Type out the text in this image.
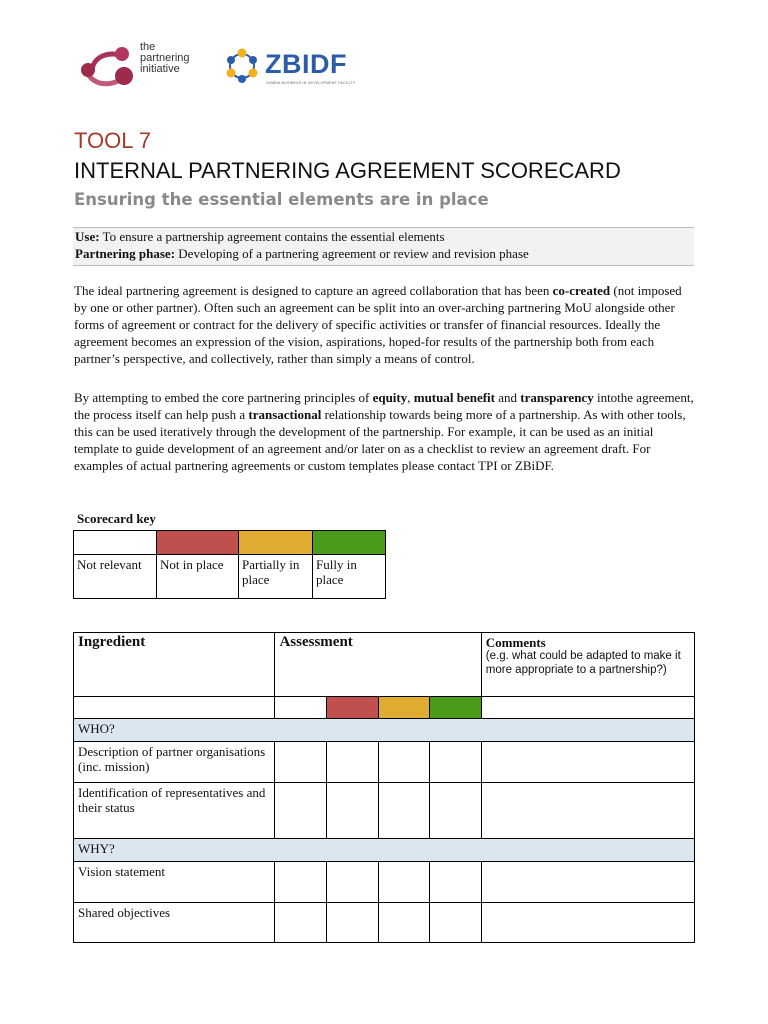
the
partnering
initiative	ZBIDF
ZAMBIA BUSINESS IN DEVELOPMENT FACILITY
TOOL 7
INTERNAL PARTNERING AGREEMENT SCORECARD
Ensuring the essential elements are in place
Use: To ensure a partnership agreement contains the essential elements
Partnering phase: Developing of a partnering agreement or review and revision phase
The ideal partnering agreement is designed to capture an agreed collaboration that has been co-created (not imposed by one or other partner). Often such an agreement can be split into an over-arching partnering MoU alongside other forms of agreement or contract for the delivery of specific activities or transfer of financial resources. Ideally the agreement becomes an expression of the vision, aspirations, hoped-for results of the partnership both from each partner’s perspective, and collectively, rather than simply a means of control.
By attempting to embed the core partnering principles of equity, mutual benefit and transparency intothe agreement, the process itself can help push a transactional relationship towards being more of a partnership. As with other tools, this can be used iteratively through the development of the partnership. For example, it can be used as an initial template to guide development of an agreement and/or later on as a checklist to review an agreement draft. For examples of actual partnering agreements or custom templates please contact TPI or ZBiDF.
Scorecard key

Not relevant	Not in place	Partially in place	Fully in place
Ingredient	Assessment				Comments
(e.g. what could be adapted to make it more appropriate to a partnership?)

WHO?					
Description of partner organisations (inc. mission)					
Identification of representatives and their status					
WHY?					
Vision statement					
Shared objectives					
